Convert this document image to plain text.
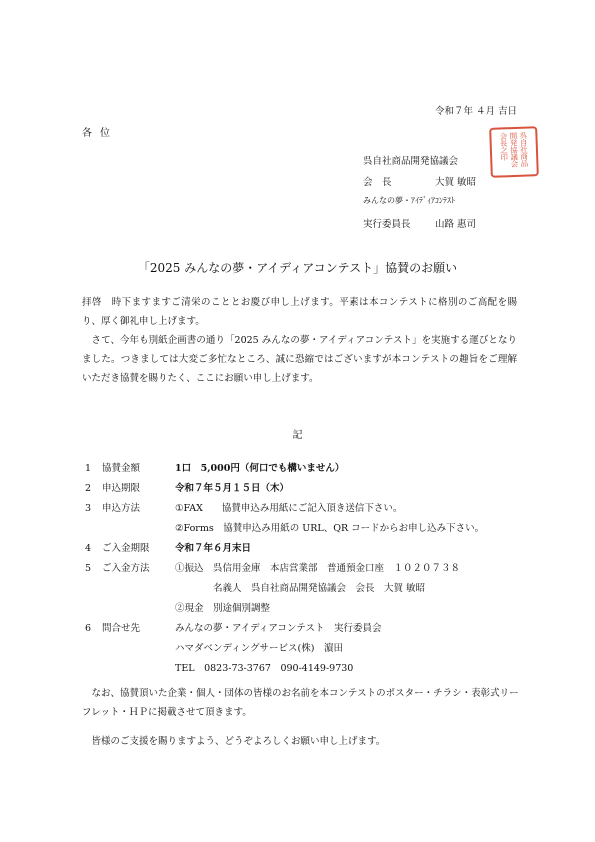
令和７年 ４月 吉日
各位
呉自社商品開発協議会
会　長	大賀 敏昭
みんなの夢・ｱｲﾃﾞｨｱｺﾝﾃｽﾄ
実行委員長	山路 惠司
呉自社商品
開発協議会
会長之印
「2025 みんなの夢・アイディアコンテスト」協賛のお願い
拝啓　時下ますますご清栄のこととお慶び申し上げます。平素は本コンテストに格別のご高配を賜り、厚く御礼申し上げます。
　さて、今年も別紙企画書の通り「2025 みんなの夢・アイディアコンテスト」を実施する運びとなりました。つきましては大変ご多忙なところ、誠に恐縮ではございますが本コンテストの趣旨をご理解いただき協賛を賜りたく、ここにお願い申し上げます。
記
1	協賛金額	1口　5,000円（何口でも構いません）
2	申込期限	令和７年５月１５日（木）
3	申込方法	①FAX　　協賛申込み用紙にご記入頂き送信下さい。
②Forms　協賛申込み用紙の URL、QR コードからお申し込み下さい。
4	ご入金期限	令和７年６月末日
5	ご入金方法	①振込　呉信用金庫　本店営業部　普通預金口座　１０２０７３８
　　　　名義人　呉自社商品開発協議会　会長　大賀 敏昭
②現金　別途個別調整
6	問合せ先	みんなの夢・アイディアコンテスト　実行委員会
ハマダベンディングサービス(株)　濵田
TEL　0823-73-3767　090-4149-9730
　なお、協賛頂いた企業・個人・団体の皆様のお名前を本コンテストのポスター・チラシ・表彰式リーフレット・ＨＰに掲載させて頂きます。
　皆様のご支援を賜りますよう、どうぞよろしくお願い申し上げます。
